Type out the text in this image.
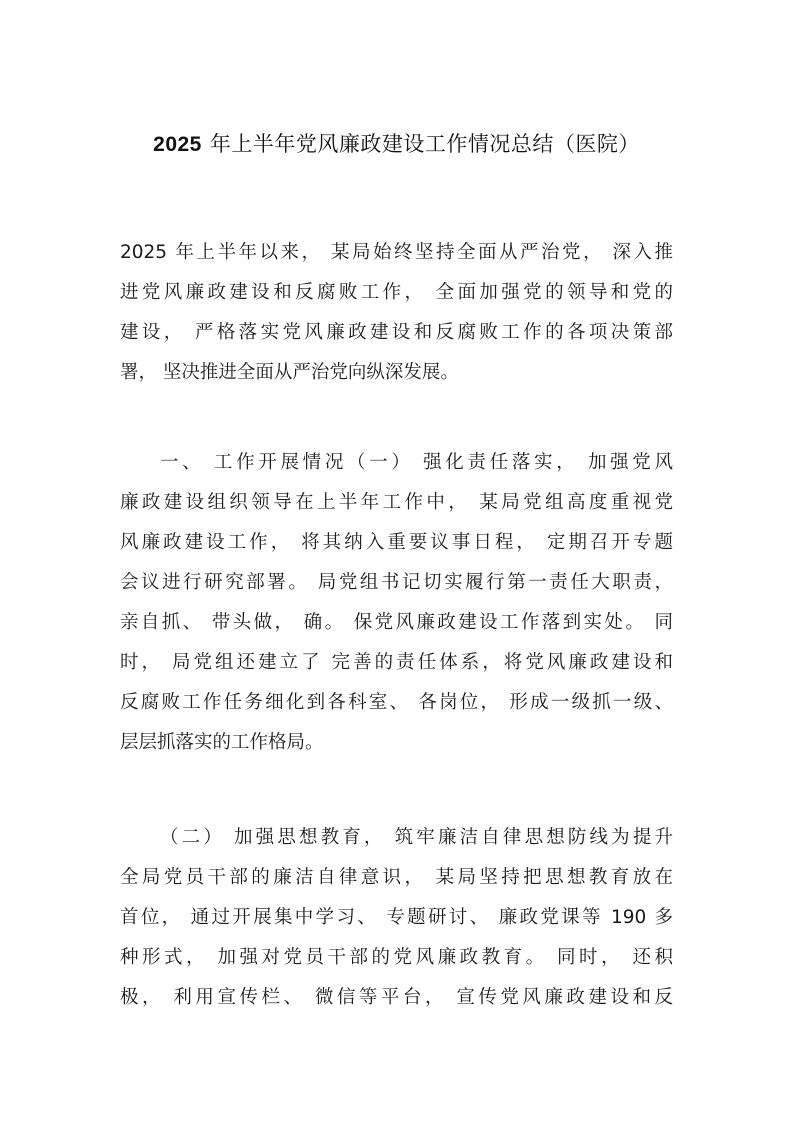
2025 年上半年党风廉政建设工作情况总结（医院）
2025 年上半年以来， 某局始终坚持全面从严治党， 深入推
进党风廉政建设和反腐败工作， 全面加强党的领导和党的
建设， 严格落实党风廉政建设和反腐败工作的各项决策部
署， 坚决推进全面从严治党向纵深发展。
一、 工作开展情况（一） 强化责任落实， 加强党风
廉政建设组织领导在上半年工作中， 某局党组高度重视党
风廉政建设工作， 将其纳入重要议事日程， 定期召开专题
会议进行研究部署。 局党组书记切实履行第一责任大职责，
亲自抓、 带头做， 确。 保党风廉政建设工作落到实处。 同
时， 局党组还建立了 完善的责任体系，将党风廉政建设和
反腐败工作任务细化到各科室、 各岗位， 形成一级抓一级、
层层抓落实的工作格局。
（二） 加强思想教育， 筑牢廉洁自律思想防线为提升
全局党员干部的廉洁自律意识， 某局坚持把思想教育放在
首位， 通过开展集中学习、 专题研讨、 廉政党课等 190 多
种形式， 加强对党员干部的党风廉政教育。 同时， 还积
极， 利用宣传栏、 微信等平台， 宣传党风廉政建设和反
